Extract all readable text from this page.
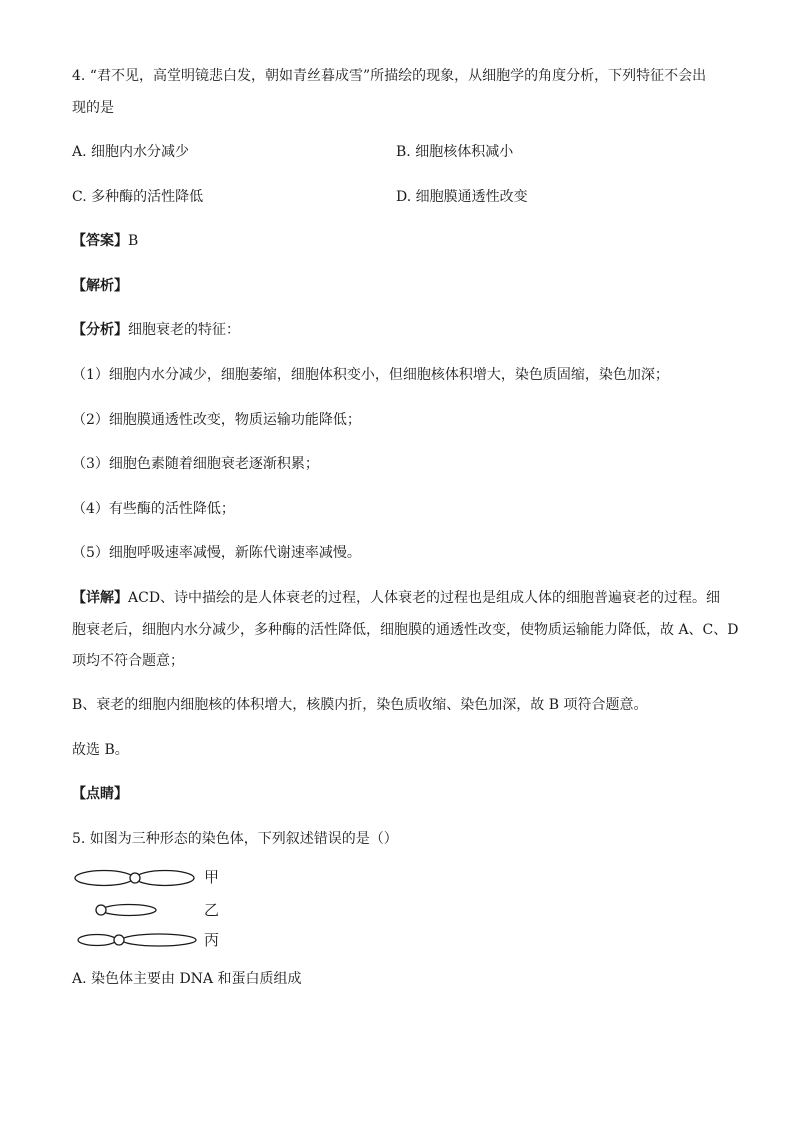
4. “君不见，高堂明镜悲白发，朝如青丝暮成雪”所描绘的现象，从细胞学的角度分析，下列特征不会出
现的是
A. 细胞内水分减少	B. 细胞核体积减小
C. 多种酶的活性降低	D. 细胞膜通透性改变
【答案】B
【解析】
【分析】细胞衰老的特征：
（1）细胞内水分减少，细胞萎缩，细胞体积变小，但细胞核体积增大，染色质固缩，染色加深；
（2）细胞膜通透性改变，物质运输功能降低；
（3）细胞色素随着细胞衰老逐渐积累；
（4）有些酶的活性降低；
（5）细胞呼吸速率减慢，新陈代谢速率减慢。
【详解】ACD、诗中描绘的是人体衰老的过程，人体衰老的过程也是组成人体的细胞普遍衰老的过程。细
胞衰老后，细胞内水分减少，多种酶的活性降低，细胞膜的通透性改变，使物质运输能力降低，故 A、C、D
项均不符合题意；
B、衰老的细胞内细胞核的体积增大，核膜内折，染色质收缩、染色加深，故 B 项符合题意。
故选 B。
【点睛】
5. 如图为三种形态的染色体，下列叙述错误的是（）
甲
乙
丙
A. 染色体主要由 DNA 和蛋白质组成
